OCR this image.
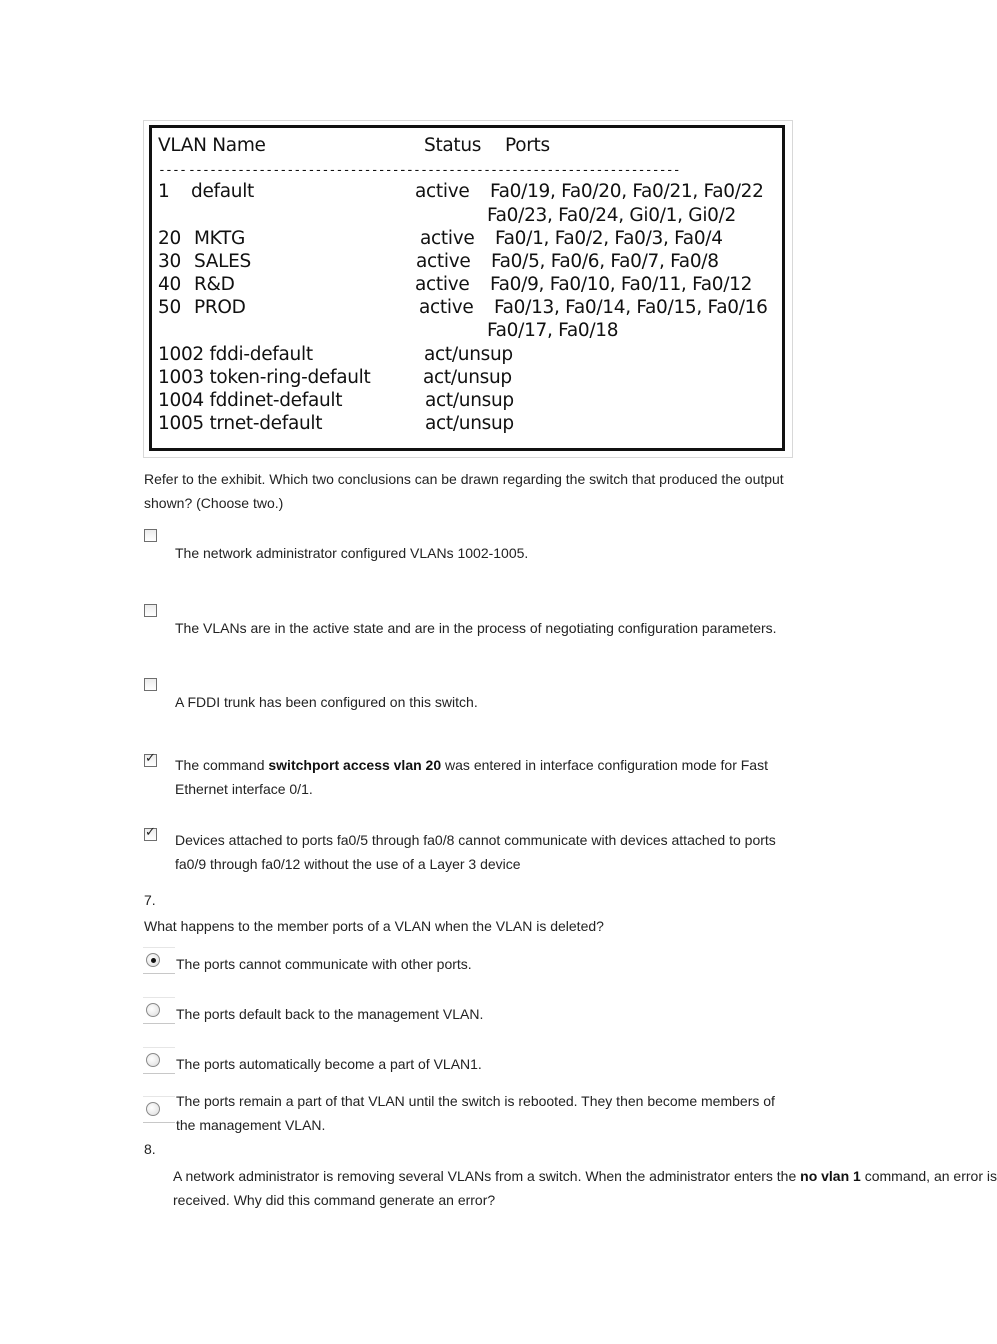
VLAN Name	Status Ports
---- --------------------------------
--------- -------------------------------
1 default	active Fa0/19, Fa0/20, Fa0/21, Fa0/22
Fa0/23, Fa0/24, Gi0/1, Gi0/2
20 MKTG	active Fa0/1, Fa0/2, Fa0/3, Fa0/4
30 SALES	active Fa0/5, Fa0/6, Fa0/7, Fa0/8
40 R&D	active Fa0/9, Fa0/10, Fa0/11, Fa0/12
50 PROD	active Fa0/13, Fa0/14, Fa0/15, Fa0/16
Fa0/17, Fa0/18
1002 fddi-default	act/unsup
1003 token-ring-default	act/unsup
1004 fddinet-default	act/unsup
1005 trnet-default	act/unsup
Refer to the exhibit. Which two conclusions can be drawn regarding the switch that produced the output
shown? (Choose two.)
The network administrator configured VLANs 1002-1005.
The VLANs are in the active state and are in the process of negotiating configuration parameters.
A FDDI trunk has been configured on this switch.
✓ The command switchport access vlan 20 was entered in interface configuration mode for Fast
Ethernet interface 0/1.
✓ Devices attached to ports fa0/5 through fa0/8 cannot communicate with devices attached to ports
fa0/9 through fa0/12 without the use of a Layer 3 device
7.
What happens to the member ports of a VLAN when the VLAN is deleted?
The ports cannot communicate with other ports.
The ports default back to the management VLAN.
The ports automatically become a part of VLAN1.
The ports remain a part of that VLAN until the switch is rebooted. They then become members of
the management VLAN.
8.
A network administrator is removing several VLANs from a switch. When the administrator enters the no vlan 1 command, an error is
received. Why did this command generate an error?
